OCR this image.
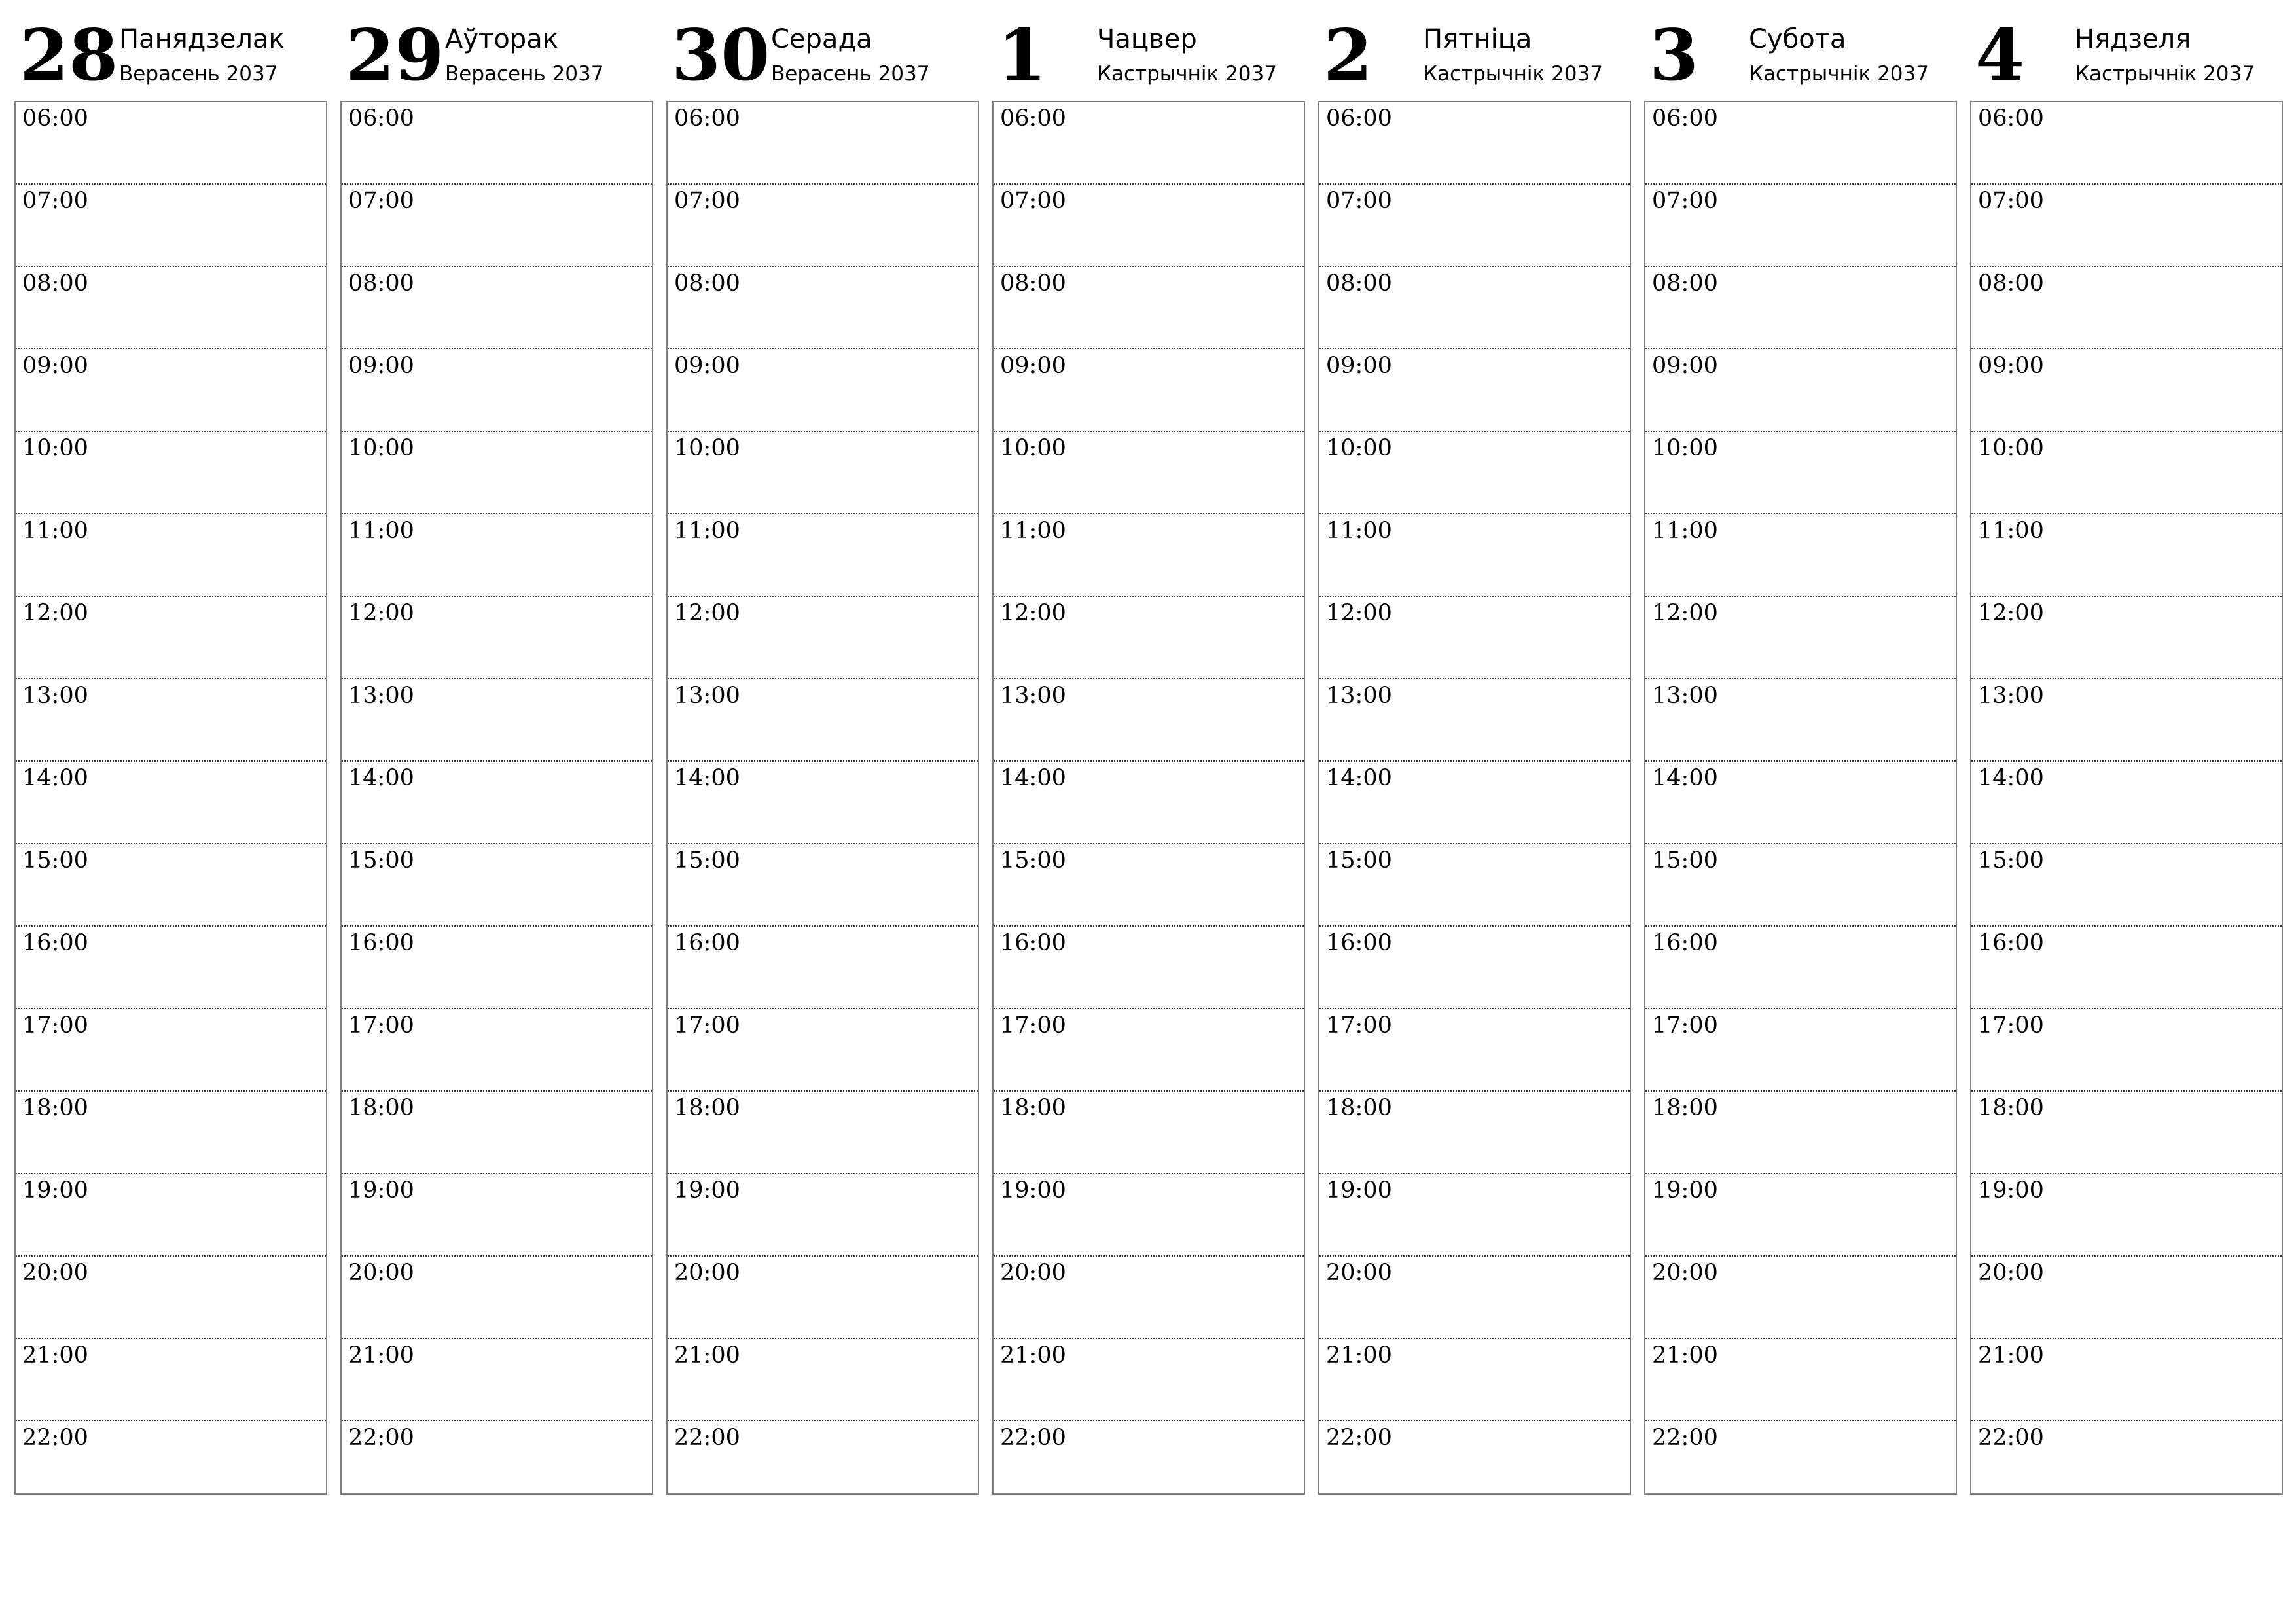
28 Панядзелак
Верасень 2037
06:00
07:00
08:00
09:00
10:00
11:00
12:00
13:00
14:00
15:00
16:00
17:00
18:00
19:00
20:00
21:00
22:00
29 Аўторак
Верасень 2037
06:00
07:00
08:00
09:00
10:00
11:00
12:00
13:00
14:00
15:00
16:00
17:00
18:00
19:00
20:00
21:00
22:00
30 Серада
Верасень 2037
06:00
07:00
08:00
09:00
10:00
11:00
12:00
13:00
14:00
15:00
16:00
17:00
18:00
19:00
20:00
21:00
22:00
1 Чацвер
Кастрычнік 2037
06:00
07:00
08:00
09:00
10:00
11:00
12:00
13:00
14:00
15:00
16:00
17:00
18:00
19:00
20:00
21:00
22:00
2 Пятніца
Кастрычнік 2037
06:00
07:00
08:00
09:00
10:00
11:00
12:00
13:00
14:00
15:00
16:00
17:00
18:00
19:00
20:00
21:00
22:00
3 Субота
Кастрычнік 2037
06:00
07:00
08:00
09:00
10:00
11:00
12:00
13:00
14:00
15:00
16:00
17:00
18:00
19:00
20:00
21:00
22:00
4 Нядзеля
Кастрычнік 2037
06:00
07:00
08:00
09:00
10:00
11:00
12:00
13:00
14:00
15:00
16:00
17:00
18:00
19:00
20:00
21:00
22:00
